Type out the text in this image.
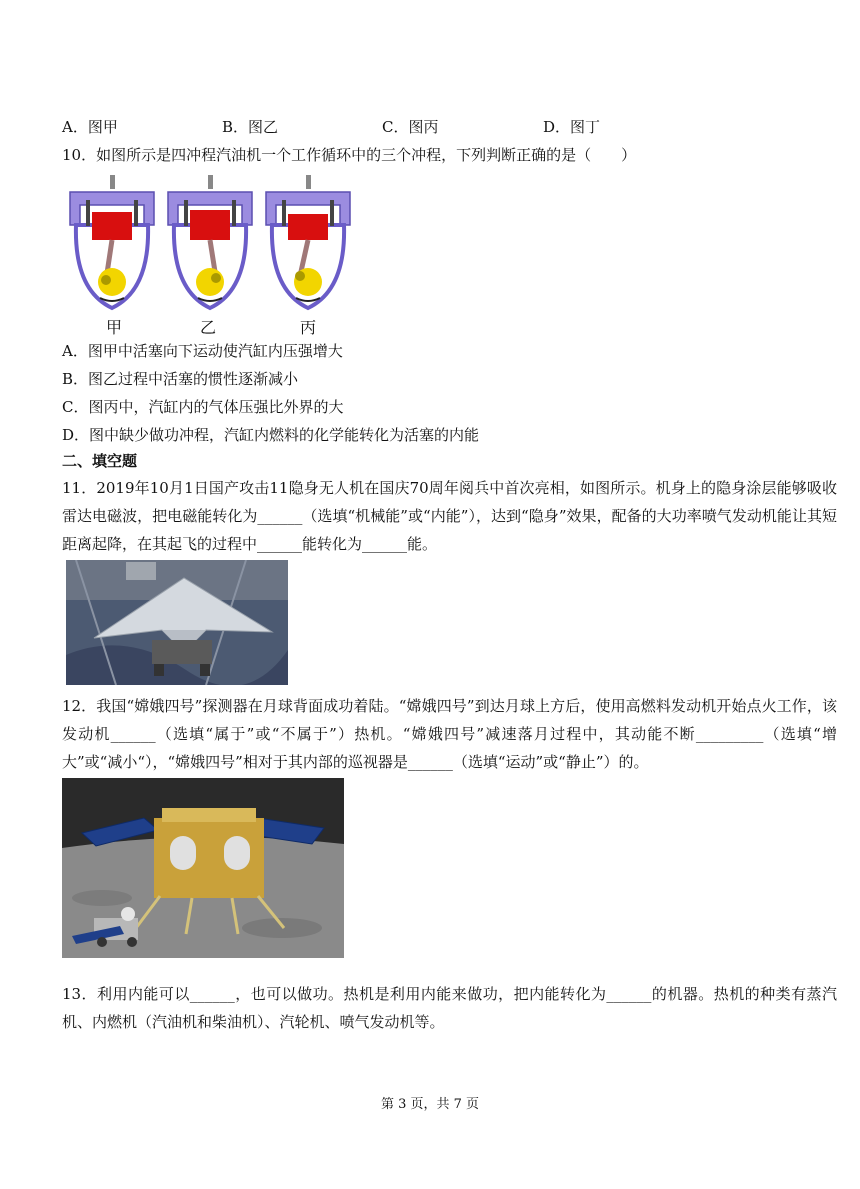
A．图甲	B．图乙	C．图丙	D．图丁
10．如图所示是四冲程汽油机一个工作循环中的三个冲程，下列判断正确的是（　　）
甲	乙	丙
A．图甲中活塞向下运动使汽缸内压强增大
B．图乙过程中活塞的惯性逐渐减小
C．图丙中，汽缸内的气体压强比外界的大
D．图中缺少做功冲程，汽缸内燃料的化学能转化为活塞的内能
二、填空题
11．2019年10月1日国产攻击11隐身无人机在国庆70周年阅兵中首次亮相，如图所示。机身上的隐身涂层能够吸收雷达电磁波，把电磁能转化为______（选填“机械能”或“内能”），达到“隐身”效果，配备的大功率喷气发动机能让其短距离起降，在其起飞的过程中______能转化为______能。
12．我国“嫦娥四号”探测器在月球背面成功着陆。“嫦娥四号”到达月球上方后，使用高燃料发动机开始点火工作，该发动机______（选填“属于”或“不属于”）热机。“嫦娥四号”减速落月过程中，其动能不断_________（选填“增大”或“减小“），“嫦娥四号”相对于其内部的巡视器是______（选填“运动”或“静止”）的。
13．利用内能可以______，也可以做功。热机是利用内能来做功，把内能转化为______的机器。热机的种类有蒸汽机、内燃机（汽油机和柴油机）、汽轮机、喷气发动机等。
第 3 页，共 7 页
